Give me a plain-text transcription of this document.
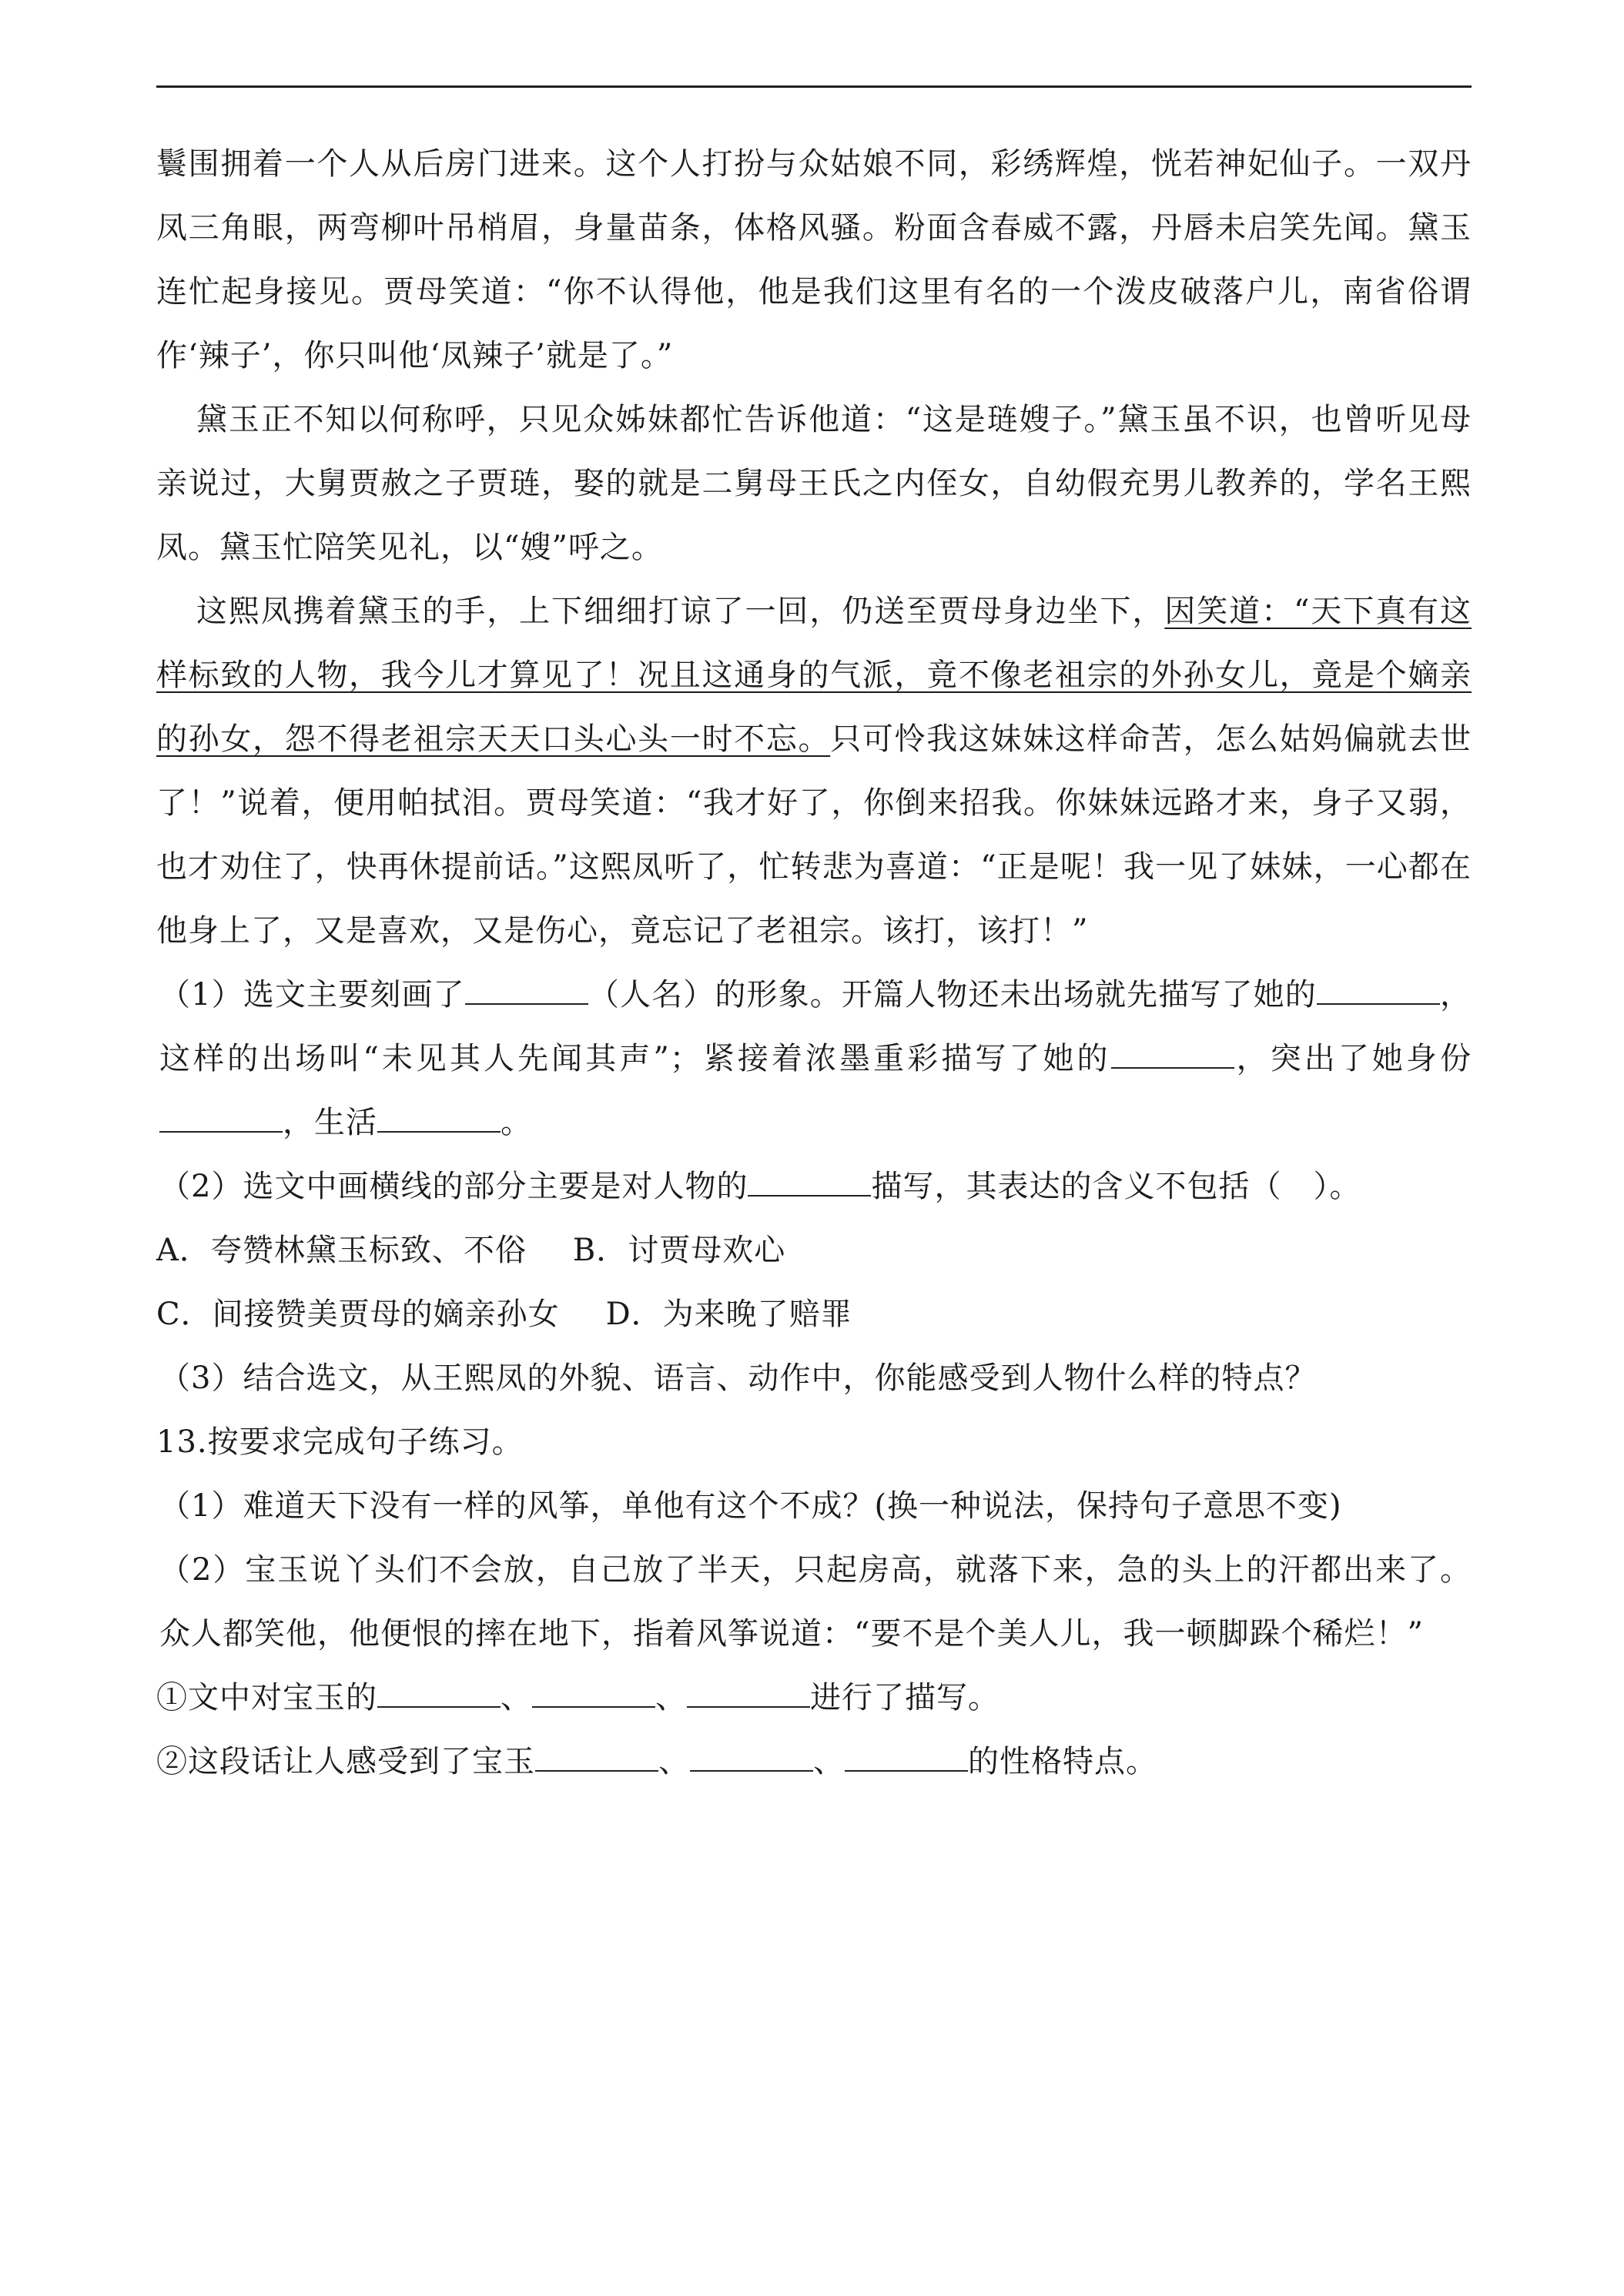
鬟围拥着一个人从后房门进来。这个人打扮与众姑娘不同，彩绣辉煌，恍若神妃仙子。一双丹凤三角眼，两弯柳叶吊梢眉，身量苗条，体格风骚。粉面含春威不露，丹唇未启笑先闻。黛玉连忙起身接见。贾母笑道：“你不认得他，他是我们这里有名的一个泼皮破落户儿，南省俗谓作‘辣子’，你只叫他‘凤辣子’就是了。”

黛玉正不知以何称呼，只见众姊妹都忙告诉他道：“这是琏嫂子。”黛玉虽不识，也曾听见母亲说过，大舅贾赦之子贾琏，娶的就是二舅母王氏之内侄女，自幼假充男儿教养的，学名王熙凤。黛玉忙陪笑见礼，以“嫂”呼之。

这熙凤携着黛玉的手，上下细细打谅了一回，仍送至贾母身边坐下，因笑道：“天下真有这样标致的人物，我今儿才算见了！况且这通身的气派，竟不像老祖宗的外孙女儿，竟是个嫡亲的孙女，怨不得老祖宗天天口头心头一时不忘。只可怜我这妹妹这样命苦，怎么姑妈偏就去世了！”说着，便用帕拭泪。贾母笑道：“我才好了，你倒来招我。你妹妹远路才来，身子又弱，也才劝住了，快再休提前话。”这熙凤听了，忙转悲为喜道：“正是呢！我一见了妹妹，一心都在他身上了，又是喜欢，又是伤心，竟忘记了老祖宗。该打，该打！”

（1）选文主要刻画了	（人名）的形象。开篇人物还未出场就先描写了她的	，这样的出场叫“未见其人先闻其声”；紧接着浓墨重彩描写了她的	，突出了她身份，生活	。

（2）选文中画横线的部分主要是对人物的	描写，其表达的含义不包括（　）。

A．夸赞林黛玉标致、不俗 B．讨贾母欢心

C．间接赞美贾母的嫡亲孙女 D．为来晚了赔罪

（3）结合选文，从王熙凤的外貌、语言、动作中，你能感受到人物什么样的特点？

13.按要求完成句子练习。

（1）难道天下没有一样的风筝，单他有这个不成？(换一种说法，保持句子意思不变)

（2）宝玉说丫头们不会放，自己放了半天，只起房高，就落下来，急的头上的汗都出来了。众人都笑他，他便恨的摔在地下，指着风筝说道：“要不是个美人儿，我一顿脚跺个稀烂！”

①文中对宝玉的	、	、	进行了描写。

②这段话让人感受到了宝玉	、	、	的性格特点。
